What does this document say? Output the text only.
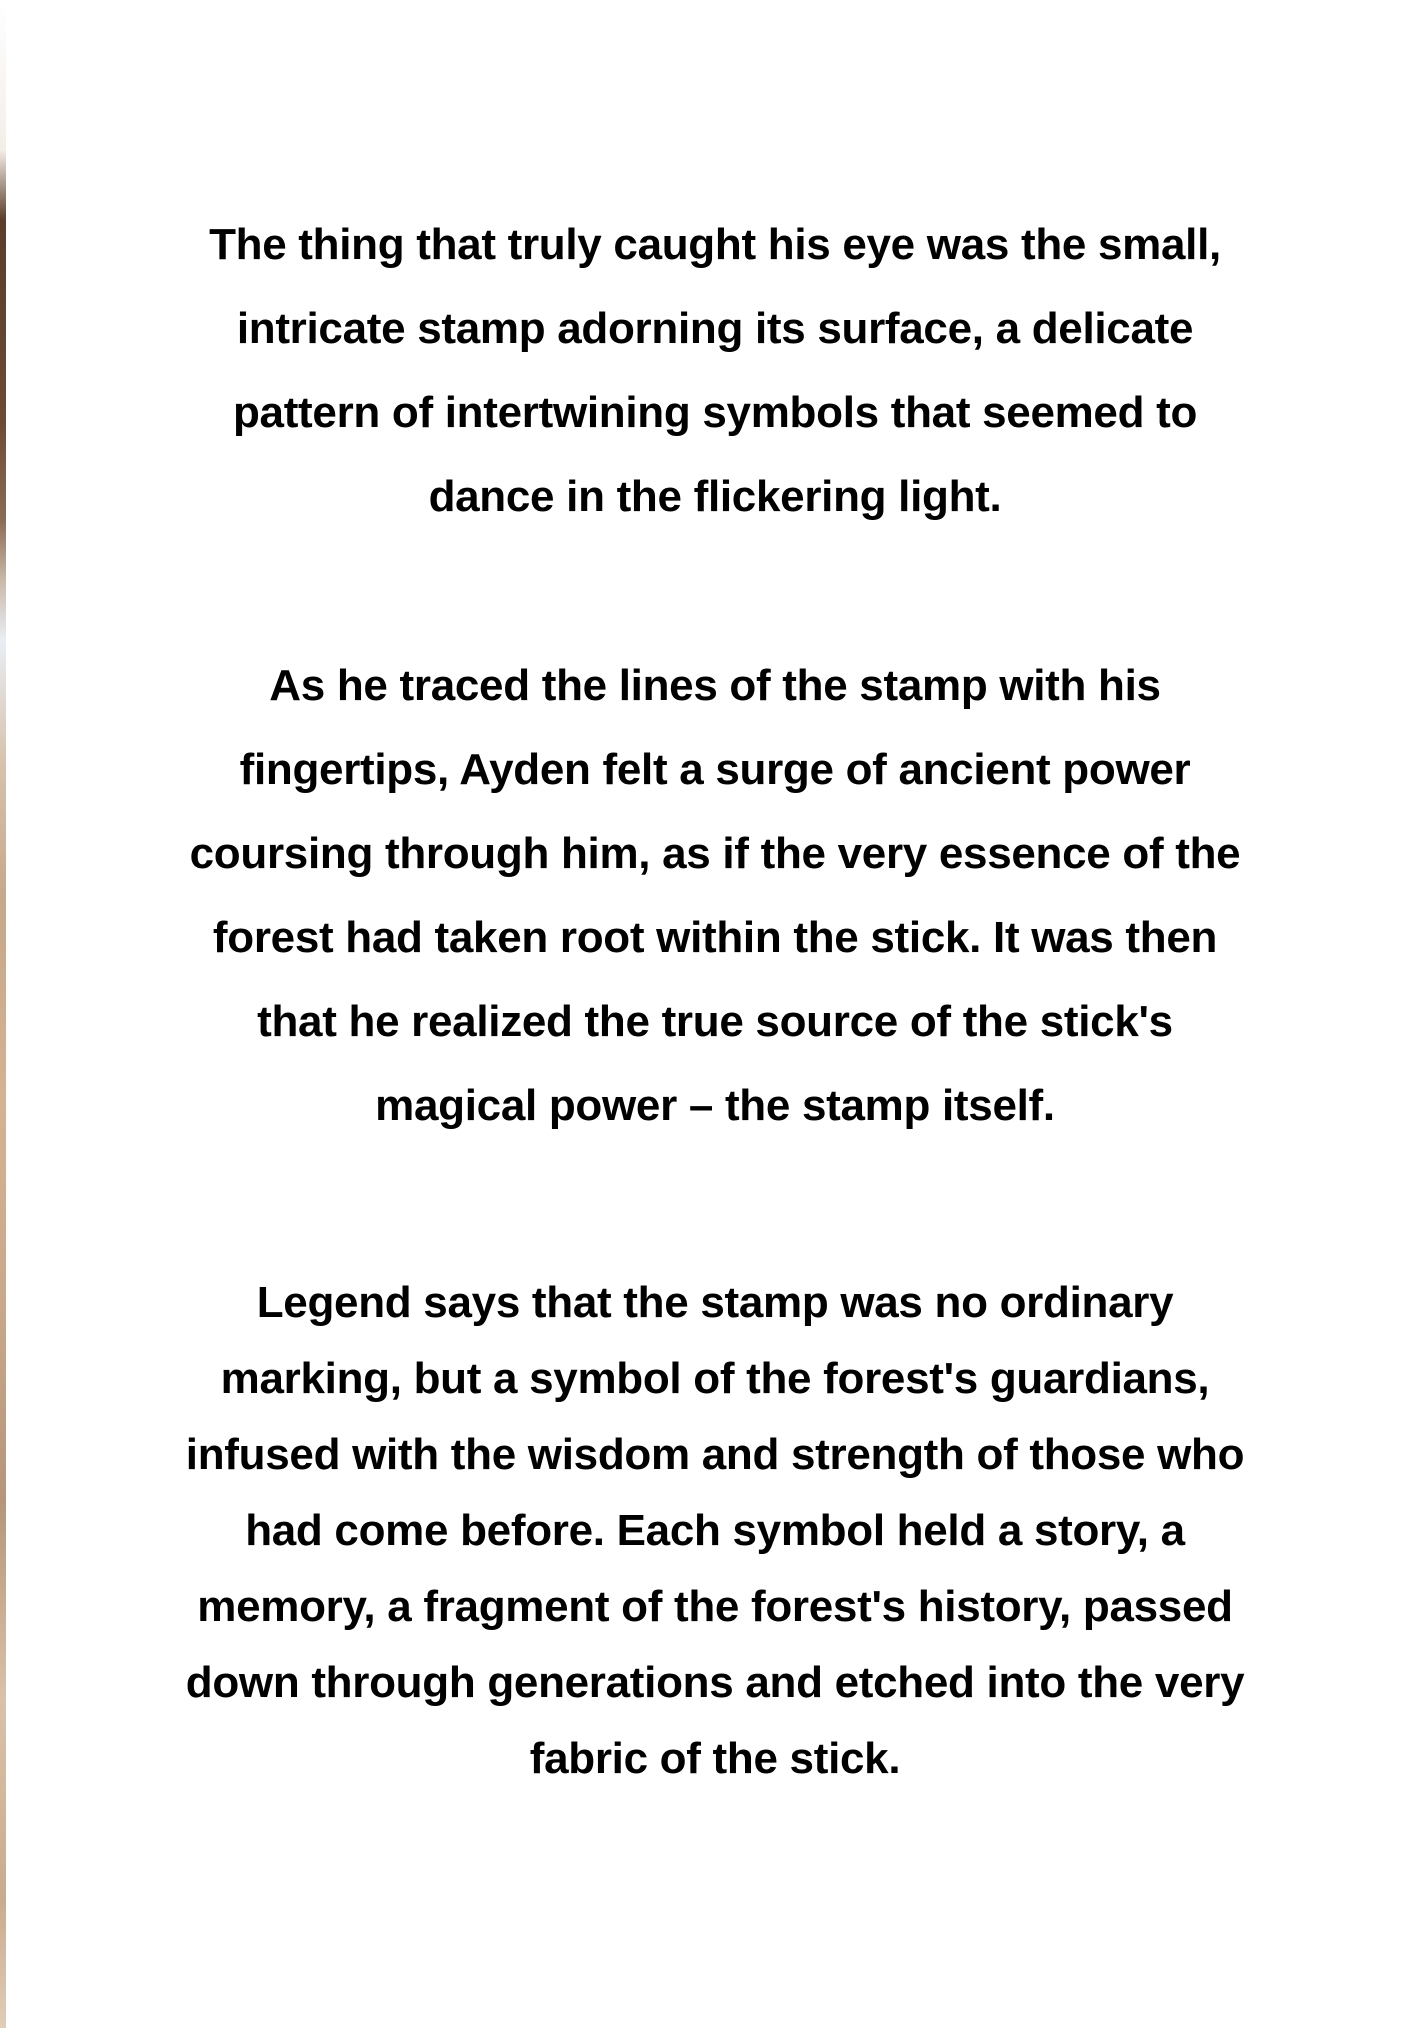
The thing that truly caught his eye was the small,
intricate stamp adorning its surface, a delicate
pattern of intertwining symbols that seemed to
dance in the flickering light.

As he traced the lines of the stamp with his
fingertips, Ayden felt a surge of ancient power
coursing through him, as if the very essence of the
forest had taken root within the stick. It was then
that he realized the true source of the stick's
magical power – the stamp itself.

Legend says that the stamp was no ordinary
marking, but a symbol of the forest's guardians,
infused with the wisdom and strength of those who
had come before. Each symbol held a story, a
memory, a fragment of the forest's history, passed
down through generations and etched into the very
fabric of the stick.
